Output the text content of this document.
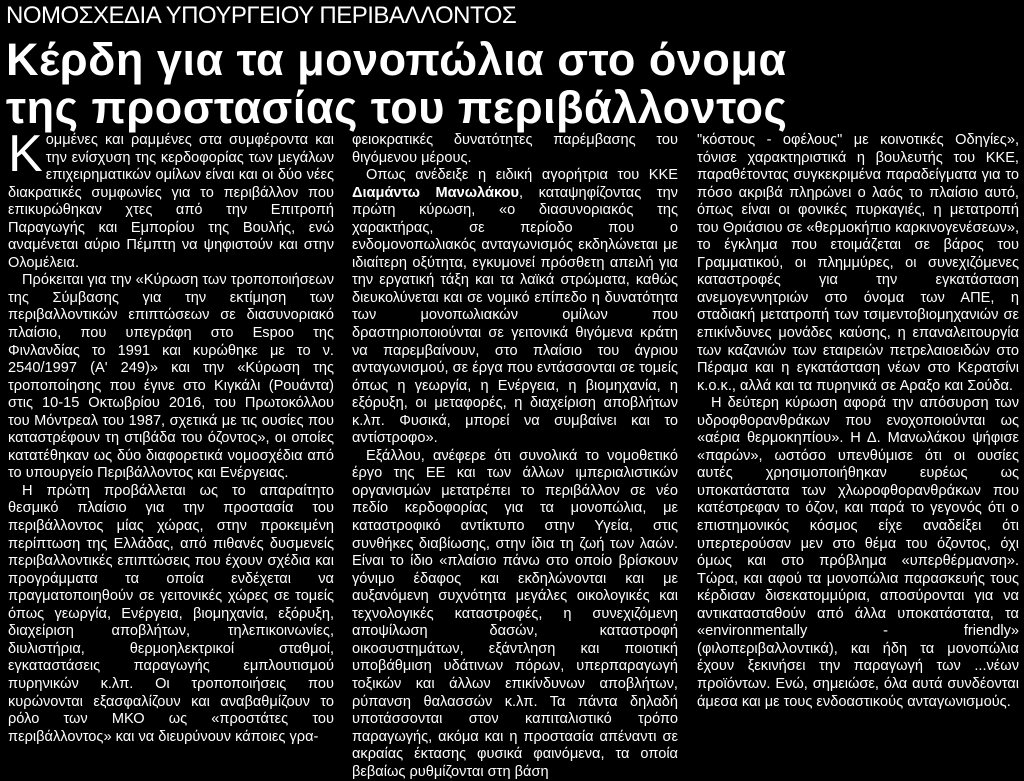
ΝΟΜΟΣΧΕΔΙΑ ΥΠΟΥΡΓΕΙΟΥ ΠΕΡΙΒΑΛΛΟΝΤΟΣ
Κέρδη για τα μονοπώλια στο όνομα
της προστασίας του περιβάλλοντος

Κομμένες και ραμμένες στα συμφέροντα και την ενίσχυση της κερδοφορίας των μεγάλων επιχειρηματικών ομίλων είναι και οι δύο νέες διακρατικές συμφωνίες για το περιβάλλον που επικυρώθηκαν χτες από την Επιτροπή Παραγωγής και Εμπορίου της Βουλής, ενώ αναμένεται αύριο Πέμπτη να ψηφιστούν και στην Ολομέλεια.

Πρόκειται για την «Κύρωση των τροποποιήσεων της Σύμβασης για την εκτίμηση των περιβαλλοντικών επιπτώσεων σε διασυνοριακό πλαίσιο, που υπεγράφη στο Espoo της Φινλανδίας το 1991 και κυρώθηκε με το ν. 2540/1997 (Α' 249)» και την «Κύρωση της τροποποίησης που έγινε στο Κιγκάλι (Ρουάντα) στις 10-15 Οκτωβρίου 2016, του Πρωτοκόλλου του Μόντρεαλ του 1987, σχετικά με τις ουσίες που καταστρέφουν τη στιβάδα του όζοντος», οι οποίες κατατέθηκαν ως δύο διαφορετικά νομοσχέδια από το υπουργείο Περιβάλλοντος και Ενέργειας.

Η πρώτη προβάλλεται ως το απαραίτητο θεσμικό πλαίσιο για την προστασία του περιβάλλοντος μίας χώρας, στην προκειμένη περίπτωση της Ελλάδας, από πιθανές δυσμενείς περιβαλλοντικές επιπτώσεις που έχουν σχέδια και προγράμματα τα οποία ενδέχεται να πραγματοποιηθούν σε γειτονικές χώρες σε τομείς όπως γεωργία, Ενέργεια, βιομηχανία, εξόρυξη, διαχείριση αποβλήτων, τηλεπικοινωνίες, διυλιστήρια, θερμοηλεκτρικοί σταθμοί, εγκαταστάσεις παραγωγής εμπλουτισμού πυρηνικών κ.λπ. Οι τροποποιήσεις που κυρώνονται εξασφαλίζουν και αναβαθμίζουν το ρόλο των ΜΚΟ ως «προστάτες του περιβάλλοντος» και να διευρύνουν κάποιες γρα-

φειοκρατικές δυνατότητες παρέμβασης του θιγόμενου μέρους.

Οπως ανέδειξε η ειδική αγορήτρια του ΚΚΕ Διαμάντω Μανωλάκου, καταψηφίζοντας την πρώτη κύρωση, «ο διασυνοριακός της χαρακτήρας, σε περίοδο που ο ενδομονοπωλιακός ανταγωνισμός εκδηλώνεται με ιδιαίτερη οξύτητα, εγκυμονεί πρόσθετη απειλή για την εργατική τάξη και τα λαϊκά στρώματα, καθώς διευκολύνεται και σε νομικό επίπεδο η δυνατότητα των μονοπωλιακών ομίλων που δραστηριοποιούνται σε γειτονικά θιγόμενα κράτη να παρεμβαίνουν, στο πλαίσιο του άγριου ανταγωνισμού, σε έργα που εντάσσονται σε τομείς όπως η γεωργία, η Ενέργεια, η βιομηχανία, η εξόρυξη, οι μεταφορές, η διαχείριση αποβλήτων κ.λπ. Φυσικά, μπορεί να συμβαίνει και το αντίστροφο».

Εξάλλου, ανέφερε ότι συνολικά το νομοθετικό έργο της ΕΕ και των άλλων ιμπεριαλιστικών οργανισμών μετατρέπει το περιβάλλον σε νέο πεδίο κερδοφορίας για τα μονοπώλια, με καταστροφικό αντίκτυπο στην Υγεία, στις συνθήκες διαβίωσης, στην ίδια τη ζωή των λαών. Είναι το ίδιο «πλαίσιο πάνω στο οποίο βρίσκουν γόνιμο έδαφος και εκδηλώνονται και με αυξανόμενη συχνότητα μεγάλες οικολογικές και τεχνολογικές καταστροφές, η συνεχιζόμενη αποψίλωση δασών, καταστροφή οικοσυστημάτων, εξάντληση και ποιοτική υποβάθμιση υδάτινων πόρων, υπερπαραγωγή τοξικών και άλλων επικίνδυνων αποβλήτων, ρύπανση θαλασσών κ.λπ. Τα πάντα δηλαδή υποτάσσονται στον καπιταλιστικό τρόπο παραγωγής, ακόμα και η προστασία απέναντι σε ακραίας έκτασης φυσικά φαινόμενα, τα οποία βεβαίως ρυθμίζονται στη βάση

"κόστους - οφέλους" με κοινοτικές Οδηγίες», τόνισε χαρακτηριστικά η βουλευτής του ΚΚΕ, παραθέτοντας συγκεκριμένα παραδείγματα για το πόσο ακριβά πληρώνει ο λαός το πλαίσιο αυτό, όπως είναι οι φονικές πυρκαγιές, η μετατροπή του Θριάσιου σε «θερμοκήπιο καρκινογενέσεων», το έγκλημα που ετοιμάζεται σε βάρος του Γραμματικού, οι πλημμύρες, οι συνεχιζόμενες καταστροφές για την εγκατάσταση ανεμογεννητριών στο όνομα των ΑΠΕ, η σταδιακή μετατροπή των τσιμεντοβιομηχανιών σε επικίνδυνες μονάδες καύσης, η επαναλειτουργία των καζανιών των εταιρειών πετρελαιοειδών στο Πέραμα και η εγκατάσταση νέων στο Κερατσίνι κ.ο.κ., αλλά και τα πυρηνικά σε Αραξο και Σούδα.

Η δεύτερη κύρωση αφορά την απόσυρση των υδροφθορανθράκων που ενοχοποιούνται ως «αέρια θερμοκηπίου». Η Δ. Μανωλάκου ψήφισε «παρών», ωστόσο υπενθύμισε ότι οι ουσίες αυτές χρησιμοποιήθηκαν ευρέως ως υποκατάστατα των χλωροφθορανθράκων που κατέστρεφαν το όζον, και παρά το γεγονός ότι ο επιστημονικός κόσμος είχε αναδείξει ότι υπερτερούσαν μεν στο θέμα του όζοντος, όχι όμως και στο πρόβλημα «υπερθέρμανση». Τώρα, και αφού τα μονοπώλια παρασκευής τους κέρδισαν δισεκατομμύρια, αποσύρονται για να αντικατασταθούν από άλλα υποκατάστατα, τα «environmentally - friendly» (φιλοπεριβαλλοντικά), και ήδη τα μονοπώλια έχουν ξεκινήσει την παραγωγή των ...νέων προϊόντων. Ενώ, σημειώσε, όλα αυτά συνδέονται άμεσα και με τους ενδοαστικούς ανταγωνισμούς.
